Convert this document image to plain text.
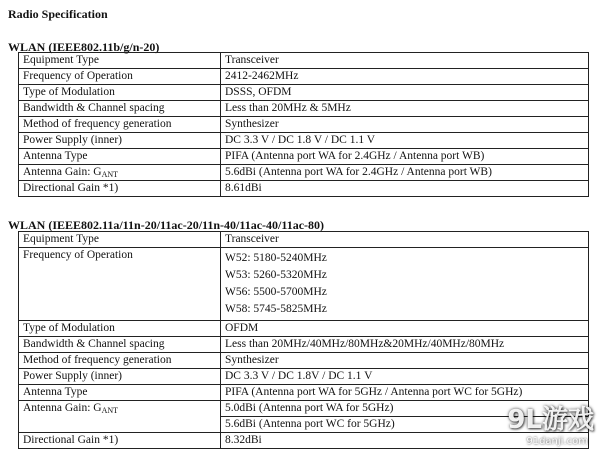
Radio Specification
WLAN (IEEE802.11b/g/n-20)
Equipment Type	Transceiver
Frequency of Operation	2412-2462MHz
Type of Modulation	DSSS, OFDM
Bandwidth & Channel spacing	Less than 20MHz & 5MHz
Method of frequency generation	Synthesizer
Power Supply (inner)	DC 3.3 V / DC 1.8 V / DC 1.1 V
Antenna Type	PIFA (Antenna port WA for 2.4GHz / Antenna port WB)
Antenna Gain: $G_{ANT}$	5.6dBi (Antenna port WA for 2.4GHz / Antenna port WB)
Directional Gain *1)	8.61dBi
WLAN (IEEE802.11a/11n-20/11ac-20/11n-40/11ac-40/11ac-80)
Equipment Type	Transceiver
Frequency of Operation	W52: 5180-5240MHz
W53: 5260-5320MHz
W56: 5500-5700MHz
W58: 5745-5825MHz

Type of Modulation	OFDM
Bandwidth & Channel spacing	Less than 20MHz/40MHz/80MHz&20MHz/40MHz/80MHz
Method of frequency generation	Synthesizer
Power Supply (inner)	DC 3.3 V / DC 1.8V / DC 1.1 V
Antenna Type	PIFA (Antenna port WA for 5GHz / Antenna port WC for 5GHz)
Antenna Gain: $G_{ANT}$	5.0dBi (Antenna port WA for 5GHz)
	5.6dBi (Antenna port WC for 5GHz)
Directional Gain *1)	8.32dBi
9L游戏
91danji.com
